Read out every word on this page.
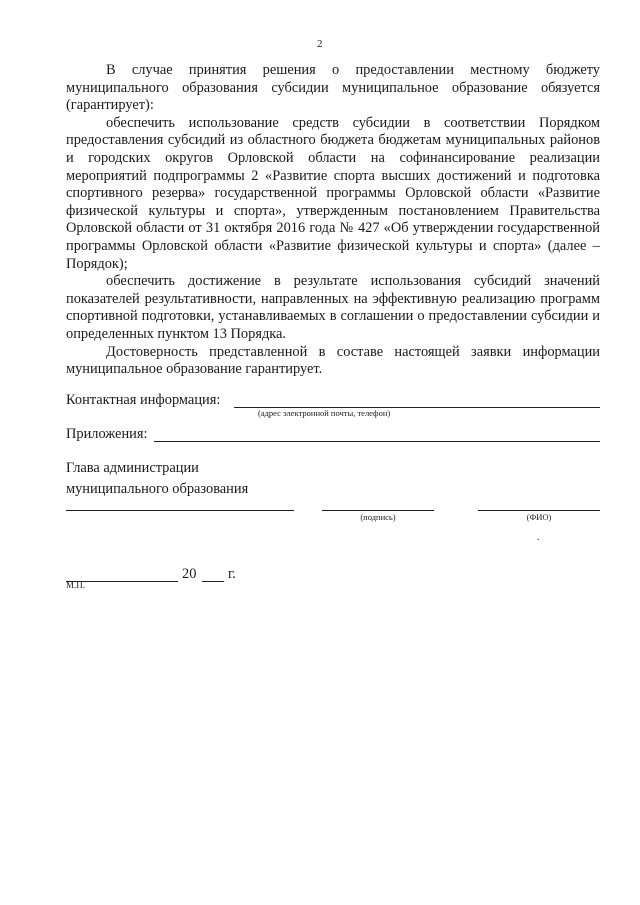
2

В случае принятия решения о предоставлении местному бюджету муниципального образования субсидии муниципальное образование обязуется (гарантирует):

обеспечить использование средств субсидии в соответствии Порядком предоставления субсидий из областного бюджета бюджетам муниципальных районов и городских округов Орловской области на софинансирование реализации мероприятий подпрограммы 2 «Развитие спорта высших достижений и подготовка спортивного резерва» государственной программы Орловской области «Развитие физической культуры и спорта», утвержденным постановлением Правительства Орловской области от 31 октября 2016 года № 427 «Об утверждении государственной программы Орловской области «Развитие физической культуры и спорта» (далее – Порядок);

обеспечить достижение в результате использования субсидий значений показателей результативности, направленных на эффективную реализацию программ спортивной подготовки, устанавливаемых в соглашении о предоставлении субсидии и определенных пунктом 13 Порядка.

Достоверность представленной в составе настоящей заявки информации муниципальное образование гарантирует.

Контактная информация:
(адрес электронной почты, телефон)
Приложения:
Глава администрации
муниципального образования
(подпись)	(ФИО)
.
20 г.
М.П.
